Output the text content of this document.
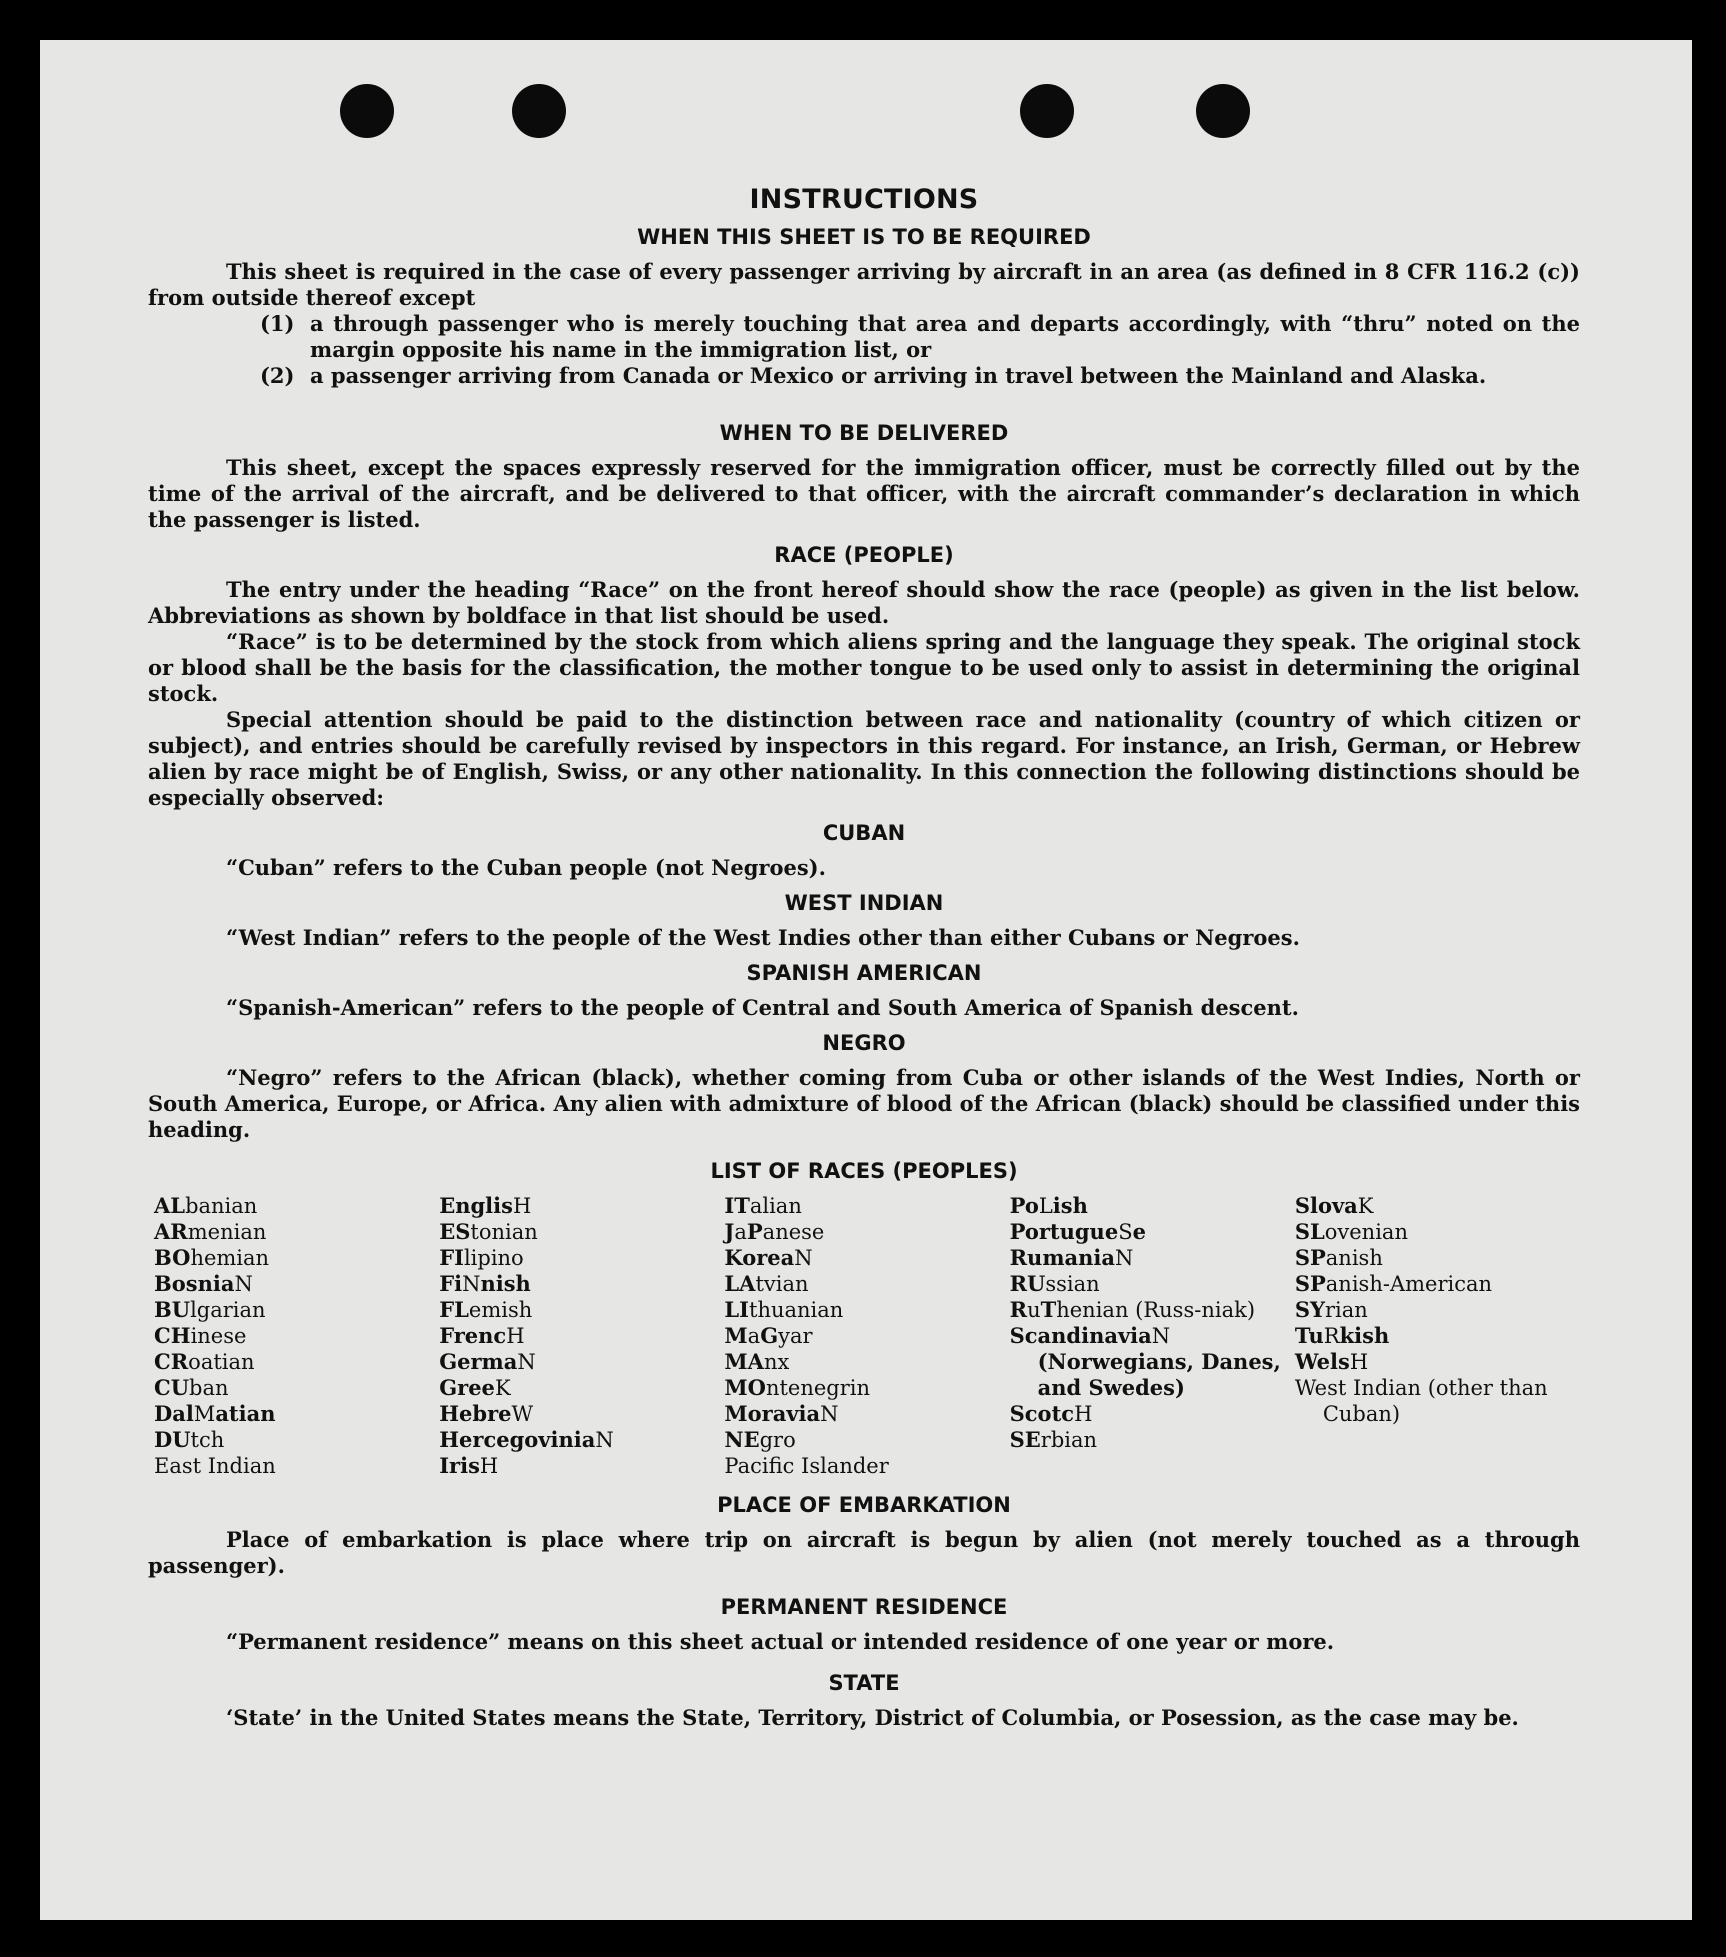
INSTRUCTIONS
WHEN THIS SHEET IS TO BE REQUIRED

This sheet is required in the case of every passenger arriving by aircraft in an area (as defined in 8 CFR 116.2 (c)) from outside thereof except

(1) a through passenger who is merely touching that area and departs accordingly, with “thru” noted on the margin opposite his name in the immigration list, or
(2) a passenger arriving from Canada or Mexico or arriving in travel between the Mainland and Alaska.
WHEN TO BE DELIVERED

This sheet, except the spaces expressly reserved for the immigration officer, must be correctly filled out by the time of the arrival of the aircraft, and be delivered to that officer, with the aircraft commander’s declaration in which the passenger is listed.

RACE (PEOPLE)

The entry under the heading “Race” on the front hereof should show the race (people) as given in the list below. Abbreviations as shown by boldface in that list should be used.

“Race” is to be determined by the stock from which aliens spring and the language they speak. The original stock or blood shall be the basis for the classification, the mother tongue to be used only to assist in determining the original stock.

Special attention should be paid to the distinction between race and nationality (country of which citizen or subject), and entries should be carefully revised by inspectors in this regard. For instance, an Irish, German, or Hebrew alien by race might be of English, Swiss, or any other nationality. In this connection the following distinctions should be especially observed:

CUBAN

“Cuban” refers to the Cuban people (not Negroes).

WEST INDIAN

“West Indian” refers to the people of the West Indies other than either Cubans or Negroes.

SPANISH AMERICAN

“Spanish-American” refers to the people of Central and South America of Spanish descent.

NEGRO

“Negro” refers to the African (black), whether coming from Cuba or other islands of the West Indies, North or South America, Europe, or Africa. Any alien with admixture of blood of the African (black) should be classified under this heading.

LIST OF RACES (PEOPLES)
ALbanian
ARmenian
BOhemian
BosniaN
BUlgarian
CHinese
CRoatian
CUban
DalMatian
DUtch
East Indian
EnglisH
EStonian
FIlipino
FiNnish
FLemish
FrencH
GermaN
GreeK
HebreW
HercegoviniaN
IrisH
ITalian
JaPanese
KoreaN
LAtvian
LIthuanian
MaGyar
MAnx
MOntenegrin
MoraviaN
NEgro
Pacific Islander
PoLish
PortugueSe
RumaniaN
RUssian
RuThenian (Russ-niak)
ScandinaviaN (Norwegians, Danes, and Swedes)
ScotcH
SErbian
SlovaK
SLovenian
SPanish
SPanish-American
SYrian
TuRkish
WelsH
West Indian (other than Cuban)
PLACE OF EMBARKATION

Place of embarkation is place where trip on aircraft is begun by alien (not merely touched as a through passenger).

PERMANENT RESIDENCE

“Permanent residence” means on this sheet actual or intended residence of one year or more.

STATE

‘State’ in the United States means the State, Territory, District of Columbia, or Posession, as the case may be.
